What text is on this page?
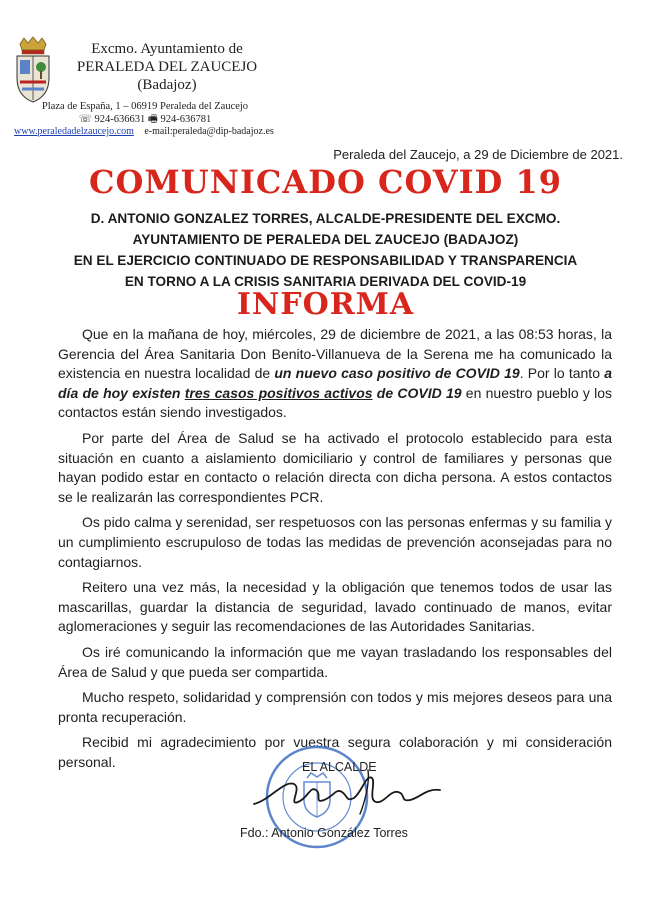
Excmo. Ayuntamiento de
PERALEDA DEL ZAUCEJO
(Badajoz)
Plaza de España, 1 – 06919 Peraleda del Zaucejo
☏ 924-636631 🖷 924-636781
www.peraledadelzaucejo.com e-mail:peraleda@dip-badajoz.es
Peraleda del Zaucejo, a 29 de Diciembre de 2021.
COMUNICADO COVID 19
D. ANTONIO GONZALEZ TORRES, ALCALDE-PRESIDENTE DEL EXCMO.
AYUNTAMIENTO DE PERALEDA DEL ZAUCEJO (BADAJOZ)
EN EL EJERCICIO CONTINUADO DE RESPONSABILIDAD Y TRANSPARENCIA
EN TORNO A LA CRISIS SANITARIA DERIVADA DEL COVID-19
INFORMA

Que en la mañana de hoy, miércoles, 29 de diciembre de 2021, a las 08:53 horas, la Gerencia del Área Sanitaria Don Benito-Villanueva de la Serena me ha comunicado la existencia en nuestra localidad de un nuevo caso positivo de COVID 19. Por lo tanto a día de hoy existen tres casos positivos activos de COVID 19 en nuestro pueblo y los contactos están siendo investigados.

Por parte del Área de Salud se ha activado el protocolo establecido para esta situación en cuanto a aislamiento domiciliario y control de familiares y personas que hayan podido estar en contacto o relación directa con dicha persona. A estos contactos se le realizarán las correspondientes PCR.

Os pido calma y serenidad, ser respetuosos con las personas enfermas y su familia y un cumplimiento escrupuloso de todas las medidas de prevención aconsejadas para no contagiarnos.

Reitero una vez más, la necesidad y la obligación que tenemos todos de usar las mascarillas, guardar la distancia de seguridad, lavado continuado de manos, evitar aglomeraciones y seguir las recomendaciones de las Autoridades Sanitarias.

Os iré comunicando la información que me vayan trasladando los responsables del Área de Salud y que pueda ser compartida.

Mucho respeto, solidaridad y comprensión con todos y mis mejores deseos para una pronta recuperación.

Recibid mi agradecimiento por vuestra segura colaboración y mi consideración personal.	EL ALCALDE
Fdo.: Antonio González Torres
